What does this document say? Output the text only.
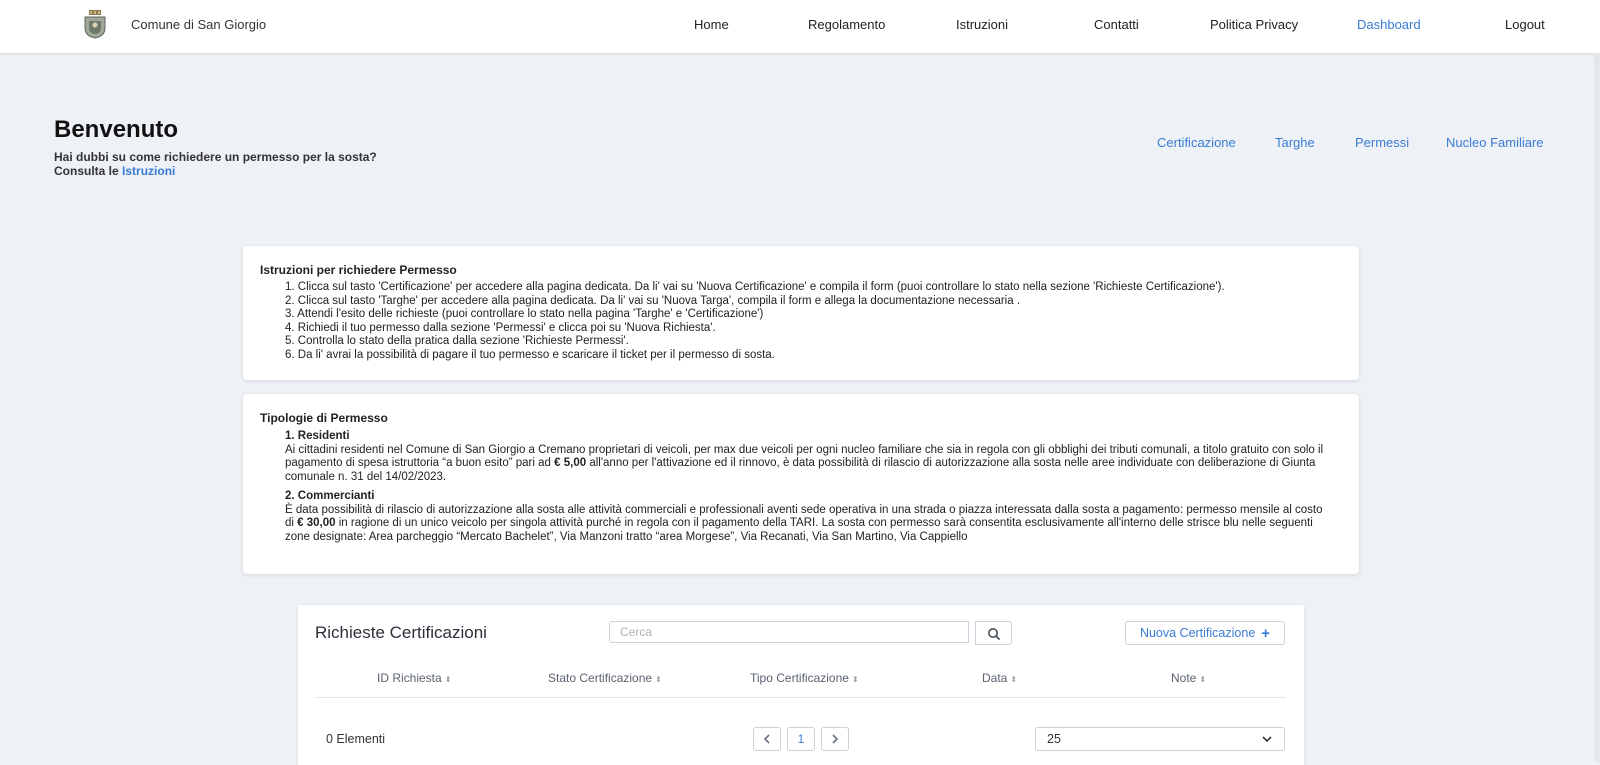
Comune di San Giorgio	Home	Regolamento	Istruzioni	Contatti	Politica Privacy	Dashboard	Logout
Benvenuto
Hai dubbi su come richiedere un permesso per la sosta?
Consulta le Istruzioni
Certificazione	Targhe	Permessi	Nucleo Familiare
Istruzioni per richiedere Permesso
1. Clicca sul tasto 'Certificazione' per accedere alla pagina dedicata. Da li' vai su 'Nuova Certificazione' e compila il form (puoi controllare lo stato nella sezione 'Richieste Certificazione').
2. Clicca sul tasto 'Targhe' per accedere alla pagina dedicata. Da li' vai su 'Nuova Targa', compila il form e allega la documentazione necessaria .
3. Attendi l'esito delle richieste (puoi controllare lo stato nella pagina 'Targhe' e 'Certificazione')
4. Richiedi il tuo permesso dalla sezione 'Permessi' e clicca poi su 'Nuova Richiesta'.
5. Controlla lo stato della pratica dalla sezione 'Richieste Permessi'.
6. Da li' avrai la possibilità di pagare il tuo permesso e scaricare il ticket per il permesso di sosta.
Tipologie di Permesso
1. Residenti
Ai cittadini residenti nel Comune di San Giorgio a Cremano proprietari di veicoli, per max due veicoli per ogni nucleo familiare che sia in regola con gli obblighi dei tributi comunali, a titolo gratuito con solo il pagamento di spesa istruttoria “a buon esito” pari ad € 5,00 all'anno per l'attivazione ed il rinnovo, è data possibilità di rilascio di autorizzazione alla sosta nelle aree individuate con deliberazione di Giunta comunale n. 31 del 14/02/2023.
2. Commercianti
È data possibilità di rilascio di autorizzazione alla sosta alle attività commerciali e professionali aventi sede operativa in una strada o piazza interessata dalla sosta a pagamento: permesso mensile al costo di € 30,00 in ragione di un unico veicolo per singola attività purché in regola con il pagamento della TARI. La sosta con permesso sarà consentita esclusivamente all'interno delle strisce blu nelle seguenti zone designate: Area parcheggio “Mercato Bachelet”, Via Manzoni tratto “area Morgese”, Via Recanati, Via San Martino, Via Cappiello
Richieste Certificazioni
Cerca	Nuova Certificazione +
ID Richiesta ⬍	Stato Certificazione ⬍	Tipo Certificazione ⬍	Data ⬍	Note ⬍
0 Elementi	1	25
